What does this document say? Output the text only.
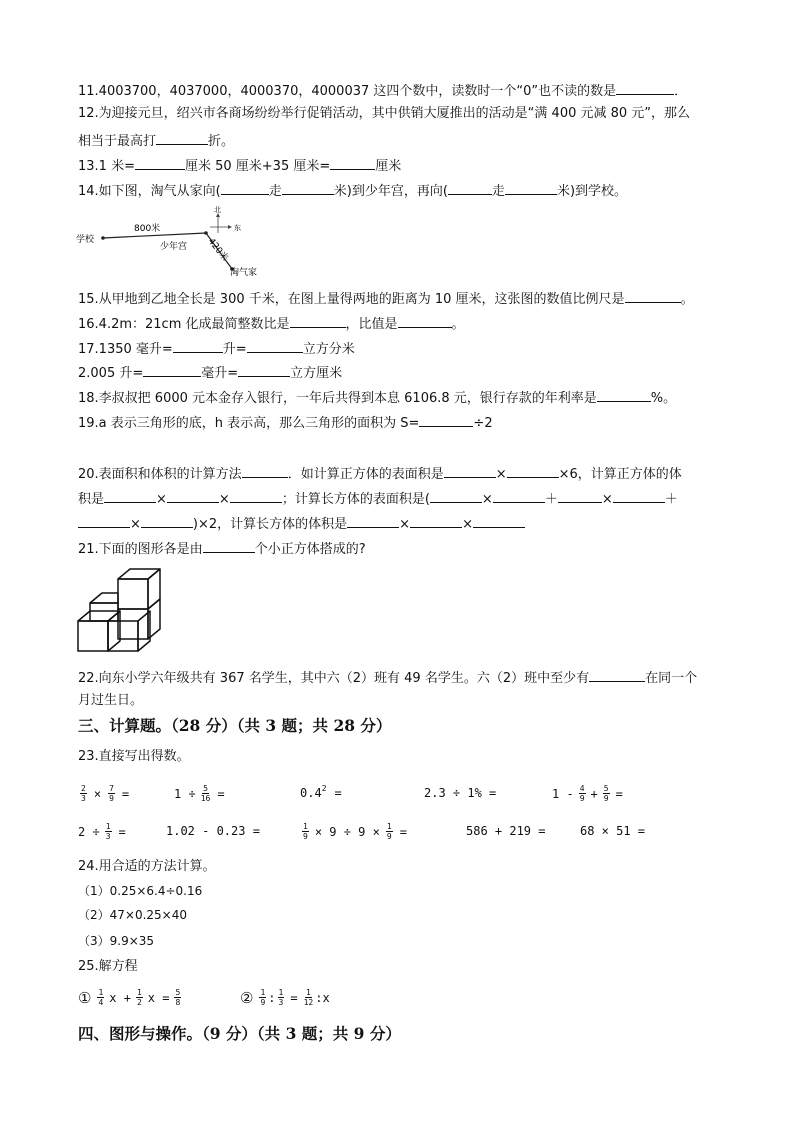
11.4003700，4037000，4000370，4000037 这四个数中，读数时一个“0”也不读的数是	．
12.为迎接元旦，绍兴市各商场纷纷举行促销活动，其中供销大厦推出的活动是“满 400 元减 80 元”，那么
相当于最高打	折。
13.1 米=	厘米 50 厘米+35 厘米=	厘米
14.如下图，淘气从家向(	走	米)到少年宫，再向(	走	米)到学校。
学校
800米
少年宫 420米
淘气家
北
东
15.从甲地到乙地全长是 300 千米，在图上量得两地的距离为 10 厘米，这张图的数值比例尺是	。
16.4.2m：21cm 化成最简整数比是	，比值是	。
17.1350 毫升=	升=	立方分米
2.005 升=	毫升=	立方厘米
18.李叔叔把 6000 元本金存入银行，一年后共得到本息 6106.8 元，银行存款的年利率是	%。
19.a 表示三角形的底，h 表示高，那么三角形的面积为 S=	÷2
20.表面积和体积的计算方法	．如计算正方体的表面积是	×	×6，计算正方体的体
积是	×	×	；计算长方体的表面积是(	×	＋	×	＋
×	)×2，计算长方体的体积是	×	×
21.下面的图形各是由	个小正方体搭成的?
22.向东小学六年级共有 367 名学生，其中六（2）班有 49 名学生。六（2）班中至少有	在同一个
月过生日。
三、计算题。（28 分）（共 3 题；共 28 分）
23.直接写出得数。
$\frac{2}{3} \times \frac{7}{9}$ =	$1 \div \frac{5}{16}$ =	0.4 2 =	2.3 ÷ 1% =	$1 - \frac{4}{9} + \frac{5}{9}$ =
$2 \div \frac{1}{3}$ =	1.02 - 0.23 =	$\frac{1}{9} \times 9 \div 9 \times \frac{1}{9}$ =	586 + 219 =	68 × 51 =
24.用合适的方法计算。
（1）0.25×6.4÷0.16
（2）47×0.25×40
（3）9.9×35
25.解方程
① $\frac{1}{4}$ $x + \frac{1}{2}$ $x = \frac{5}{8}$	② $\frac{1}{9}$ : $\frac{1}{3} = \frac{1}{12}$ :x
四、图形与操作。（9 分）（共 3 题；共 9 分）
